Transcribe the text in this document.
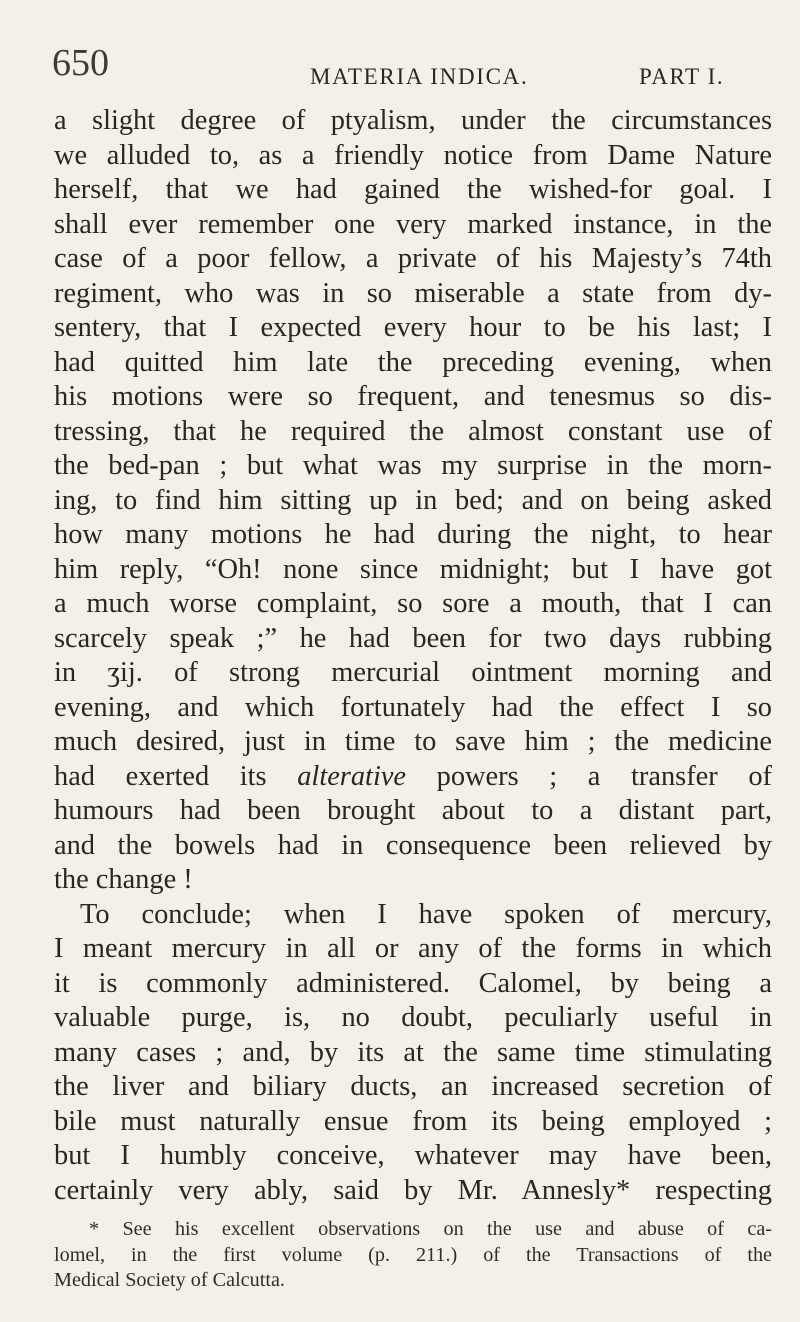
650	MATERIA INDICA.	PART I.
a slight degree of ptyalism, under the circumstances
we alluded to, as a friendly notice from Dame Nature
herself, that we had gained the wished-for goal. I
shall ever remember one very marked instance, in the
case of a poor fellow, a private of his Majesty’s 74th
regiment, who was in so miserable a state from dy-
sentery, that I expected every hour to be his last; I
had quitted him late the preceding evening, when
his motions were so frequent, and tenesmus so dis-
tressing, that he required the almost constant use of
the bed-pan ; but what was my surprise in the morn-
ing, to find him sitting up in bed; and on being asked
how many motions he had during the night, to hear
him reply, “Oh! none since midnight; but I have got
a much worse complaint, so sore a mouth, that I can
scarcely speak ;” he had been for two days rubbing
in ʒij. of strong mercurial ointment morning and
evening, and which fortunately had the effect I so
much desired, just in time to save him ; the medicine
had exerted its alterative powers ; a transfer of
humours had been brought about to a distant part,
and the bowels had in consequence been relieved by
the change !
To conclude; when I have spoken of mercury,
I meant mercury in all or any of the forms in which
it is commonly administered. Calomel, by being a
valuable purge, is, no doubt, peculiarly useful in
many cases ; and, by its at the same time stimulating
the liver and biliary ducts, an increased secretion of
bile must naturally ensue from its being employed ;
but I humbly conceive, whatever may have been,
certainly very ably, said by Mr. Annesly* respecting
* See his excellent observations on the use and abuse of ca-
lomel, in the first volume (p. 211.) of the Transactions of the
Medical Society of Calcutta.
